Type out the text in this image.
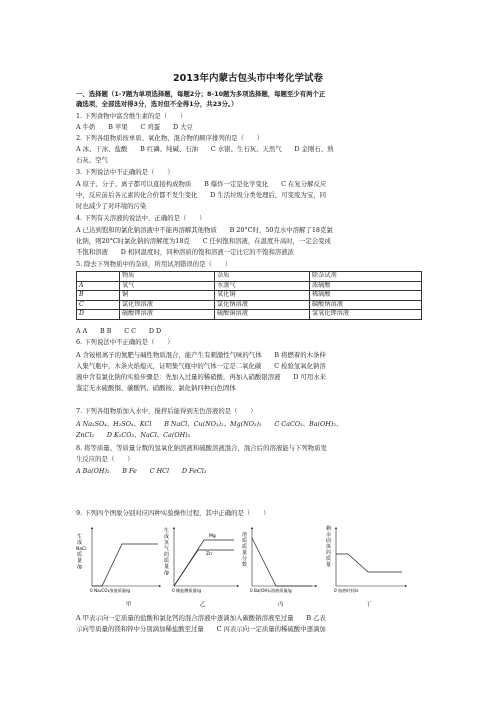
2013年内蒙古包头市中考化学试卷
一、选择题（1-7题为单项选择题，每题2分；8-10题为多项选择题，每题至少有两个正
确选项，全部选对得3分，选对但不全得1分，共23分。）
1. 下列食物中富含维生素的是（　　）
A 牛奶　　B 苹果　　C 鸡蛋　　D 大豆
2. 下列各组物质按单质、氧化物、混合物的顺序排列的是（　　）
A 冰、干冰、盐酸　　B 红磷、纯碱、石油　　C 水银、生石灰、天然气　　D 金刚石、熟
石灰、空气
3. 下列说法中不正确的是（　　）
A 原子、分子、离子都可以直接构成物质　　B 爆炸一定是化学变化　　C 在复分解反应
中，反应前后各元素的化合价都不发生变化　　D 生活垃圾分类处理后，可变废为宝，同
时也减少了对环境的污染
4. 下列有关溶液的说法中，正确的是（　　）
A 已达到饱和的氯化钠溶液中不能再溶解其他物质　　B 20°C时，50克水中溶解了18克氯
化钠，则20°C时氯化钠的溶解度为18克　　C 任何饱和溶液，在温度升高时，一定会变成
不饱和溶液　　D 相同温度时，同种溶质的饱和溶液一定比它的不饱和溶液浓
5. 除去下列物质中的杂质，所用试剂错误的是（　　）
	物质	杂质	除杂试剂
A	氧气	水蒸气	浓硫酸
B	铜	氧化铜	稀硫酸
C	氯化钡溶液	氯化钠溶液	碳酸钠溶液
D	硫酸钾溶液	硫酸铜溶液	氢氧化钾溶液
A A　　B B　　C C　　D D
6. 下列说法中不正确的是（　　）
A 含铵根离子的氮肥与碱性物质混合，能产生有刺激性气味的气体　　B 将燃着的木条伸
入集气瓶中，木条火焰熄灭，证明集气瓶中的气体一定是二氧化碳　　C 检验氢氧化钠溶
液中含有氯化钠的实验步骤是：先加入过量的稀硝酸，再加入硝酸银溶液　　D 可用水来
鉴定无水硫酸铜、碳酸钙、硝酸铵、氯化钠四种白色固体
7. 下列各组物质加入水中，搅拌后能得到无色溶液的是（　　）
A Na₂SO₄、H₂SO₄、KCl　　B NaCl、Cu(NO₃)₂、Mg(NO₃)₂　　C CaCO₃、Ba(OH)₂、
ZnCl₂　　D K₂CO₃、NaCl、Ca(OH)₂
8. 将等质量、等质量分数的氢氧化钠溶液和硫酸溶液混合，混合后的溶液能与下列物质发
生反应的是（　　）
A Ba(OH)₂　　B Fe　　C HCl　　D FeCl₃
9. 下列四个图象分别对应四种实验操作过程，其中正确的是（　　）
生
成
NaCl
质
量
/g
0 Na₂CO₃溶液质量/g
甲
生
成
氢
气
的
质
量
/g
Mg
Zn
0 稀盐酸质量/g
乙
溶
质
质
量
分
数
0 Ba(OH)₂溶液质量/g
丙
剩
余
固
体
的
质
量
0 加热时间/s
丁
A 甲表示向一定质量的盐酸和氯化钙的混合溶液中逐滴加入碳酸钠溶液至过量　　B 乙表
示向等质量的镁和锌中分别滴加稀盐酸至过量　　C 丙表示向一定质量的稀硫酸中逐滴加
